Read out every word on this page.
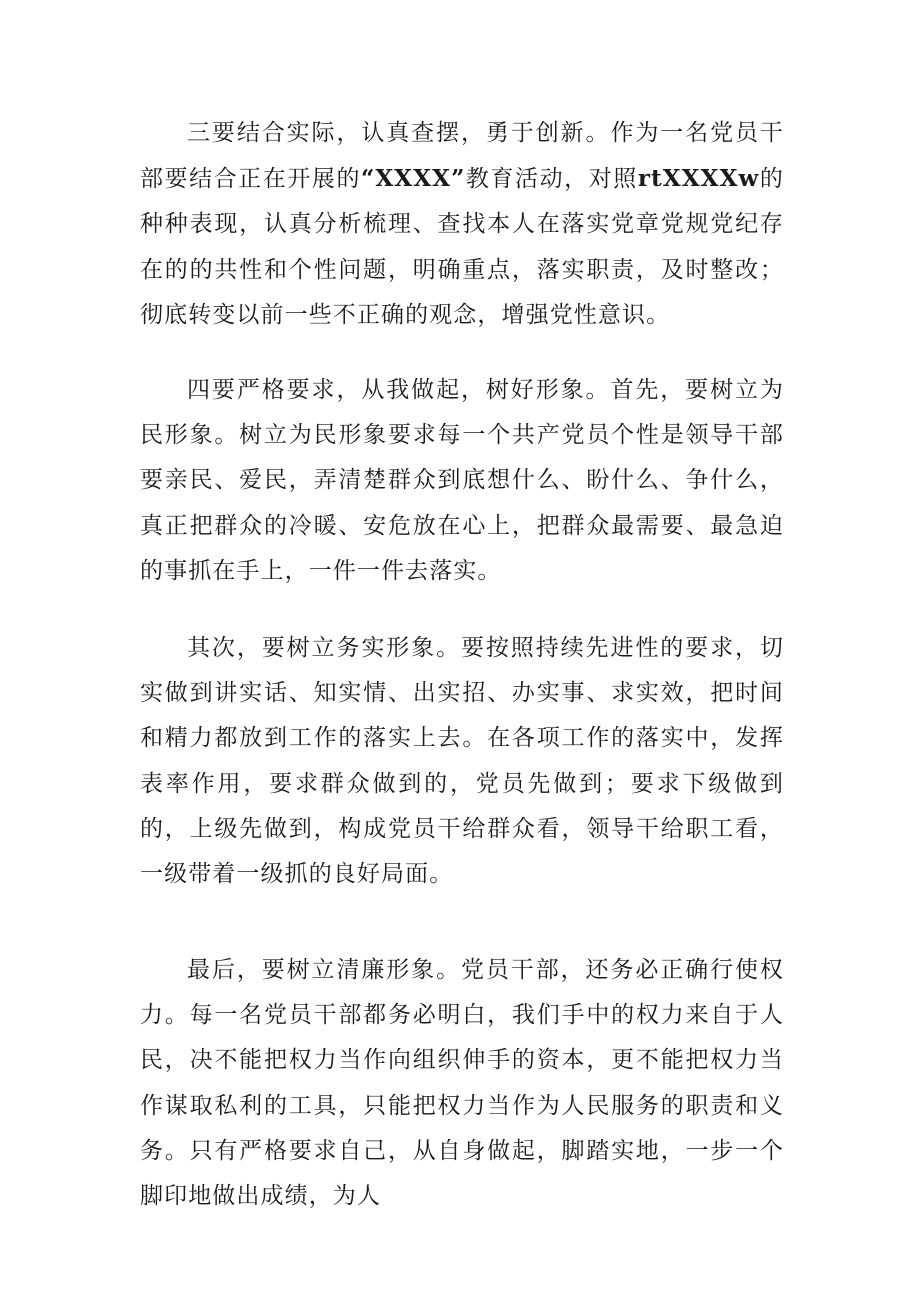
三要结合实际，认真查摆，勇于创新。作为一名党员干部要结合正在开展的“XXXX”教育活动，对照rtXXXXw的种种表现，认真分析梳理、查找本人在落实党章党规党纪存在的的共性和个性问题，明确重点，落实职责，及时整改；彻底转变以前一些不正确的观念，增强党性意识。

四要严格要求，从我做起，树好形象。首先，要树立为民形象。树立为民形象要求每一个共产党员个性是领导干部要亲民、爱民，弄清楚群众到底想什么、盼什么、争什么，真正把群众的冷暖、安危放在心上，把群众最需要、最急迫的事抓在手上，一件一件去落实。

其次，要树立务实形象。要按照持续先进性的要求，切实做到讲实话、知实情、出实招、办实事、求实效，把时间和精力都放到工作的落实上去。在各项工作的落实中，发挥表率作用，要求群众做到的，党员先做到；要求下级做到的，上级先做到，构成党员干给群众看，领导干给职工看，一级带着一级抓的良好局面。

最后，要树立清廉形象。党员干部，还务必正确行使权力。每一名党员干部都务必明白，我们手中的权力来自于人民，决不能把权力当作向组织伸手的资本，更不能把权力当作谋取私利的工具，只能把权力当作为人民服务的职责和义务。只有严格要求自己，从自身做起，脚踏实地，一步一个脚印地做出成绩，为人
